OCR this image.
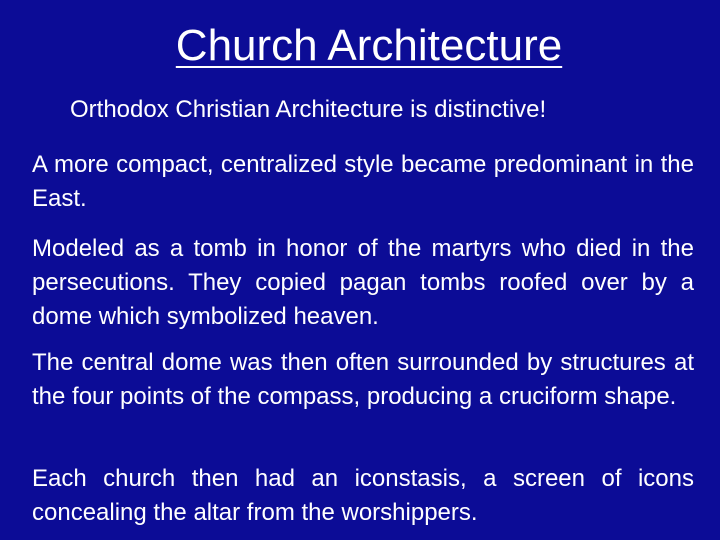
Church Architecture
Orthodox Christian Architecture is distinctive!

A more compact, centralized style became predominant in the East.

Modeled as a tomb in honor of the martyrs who died in the persecutions. They copied pagan tombs roofed over by a dome which symbolized heaven.

The central dome was then often surrounded by structures at the four points of the compass, producing a cruciform shape.

Each church then had an iconstasis, a screen of icons concealing the altar from the worshippers.
